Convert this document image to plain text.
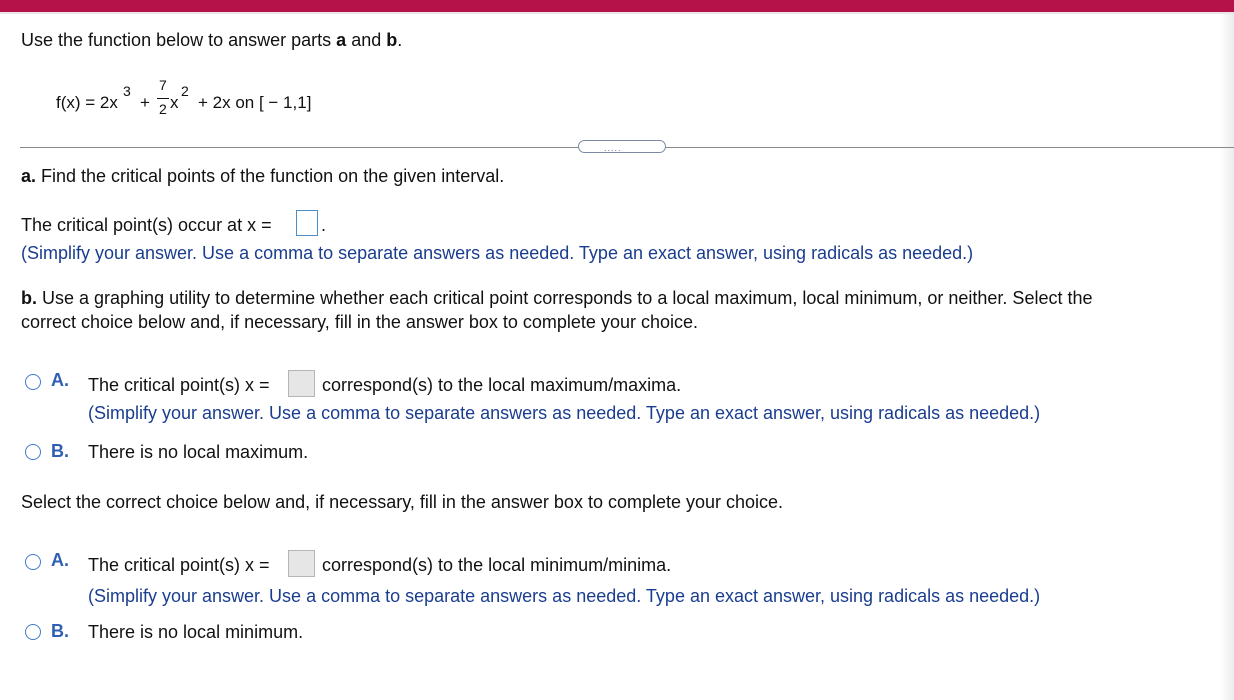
Use the function below to answer parts a and b.
f(x) = 2x
3
+
7
2 x
2
+ 2x on [ − 1,1]
.....
a. Find the critical points of the function on the given interval.
The critical point(s) occur at x =	.
(Simplify your answer. Use a comma to separate answers as needed. Type an exact answer, using radicals as needed.)
b. Use a graphing utility to determine whether each critical point corresponds to a local maximum, local minimum, or neither. Select the
correct choice below and, if necessary, fill in the answer box to complete your choice.
A. The critical point(s) x =	correspond(s) to the local maximum/maxima.
(Simplify your answer. Use a comma to separate answers as needed. Type an exact answer, using radicals as needed.)
B. There is no local maximum.
Select the correct choice below and, if necessary, fill in the answer box to complete your choice.
A. The critical point(s) x =	correspond(s) to the local minimum/minima.
(Simplify your answer. Use a comma to separate answers as needed. Type an exact answer, using radicals as needed.)
B. There is no local minimum.
